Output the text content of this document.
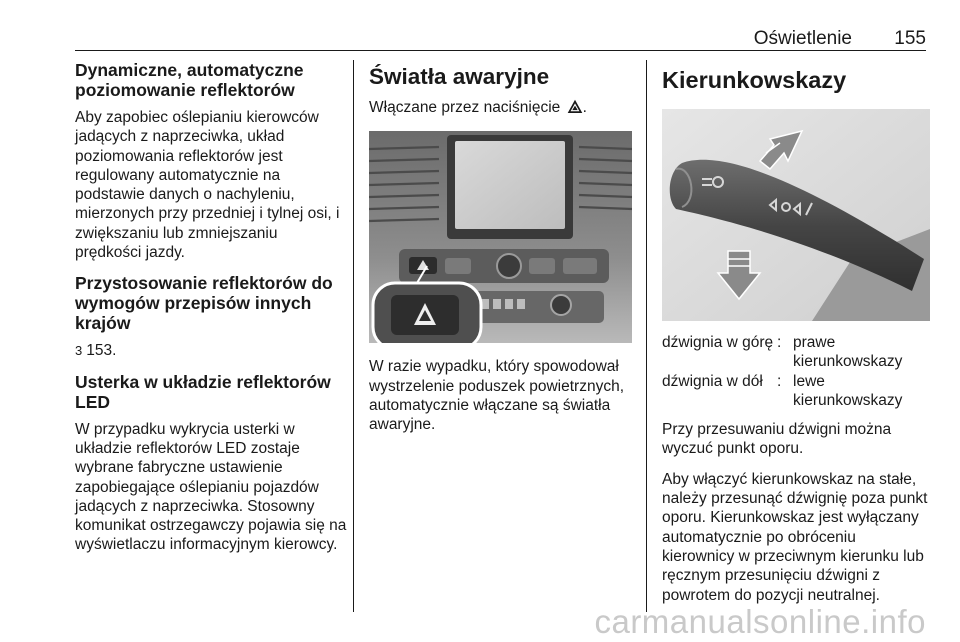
Oświetlenie 155
Dynamiczne, automatyczne poziomowanie reflektorów

Aby zapobiec oślepianiu kierowców jadących z naprzeciwka, układ poziomowania reflektorów jest regulowany automatycznie na podstawie danych o nachyleniu, mierzonych przy przedniej i tylnej osi, i zwiększaniu lub zmniejszaniu prędkości jazdy.

Przystosowanie reflektorów do wymogów przepisów innych krajów

3 153.

Usterka w układzie reflektorów LED

W przypadku wykrycia usterki w układzie reflektorów LED zostaje wybrane fabryczne ustawienie zapobiegające oślepianiu pojazdów jadących z naprzeciwka. Stosowny komunikat ostrzegawczy pojawia się na wyświetlaczu informacyjnym kierowcy.

Światła awaryjne

Włączane przez naciśnięcie .

W razie wypadku, który spowodował wystrzelenie poduszek powietrznych, automatycznie włączane są światła awaryjne.

Kierunkowskazy
dźwignia w górę	:	prawe kierunkowskazy
dźwignia w dół	:	lewe kierunkowskazy

Przy przesuwaniu dźwigni można wyczuć punkt oporu.

Aby włączyć kierunkowskaz na stałe, należy przesunąć dźwignię poza punkt oporu. Kierunkowskaz jest wyłączany automatycznie po obróceniu kierownicy w przeciwnym kierunku lub ręcznym przesunięciu dźwigni z powrotem do pozycji neutralnej.

carmanualsonline.info
